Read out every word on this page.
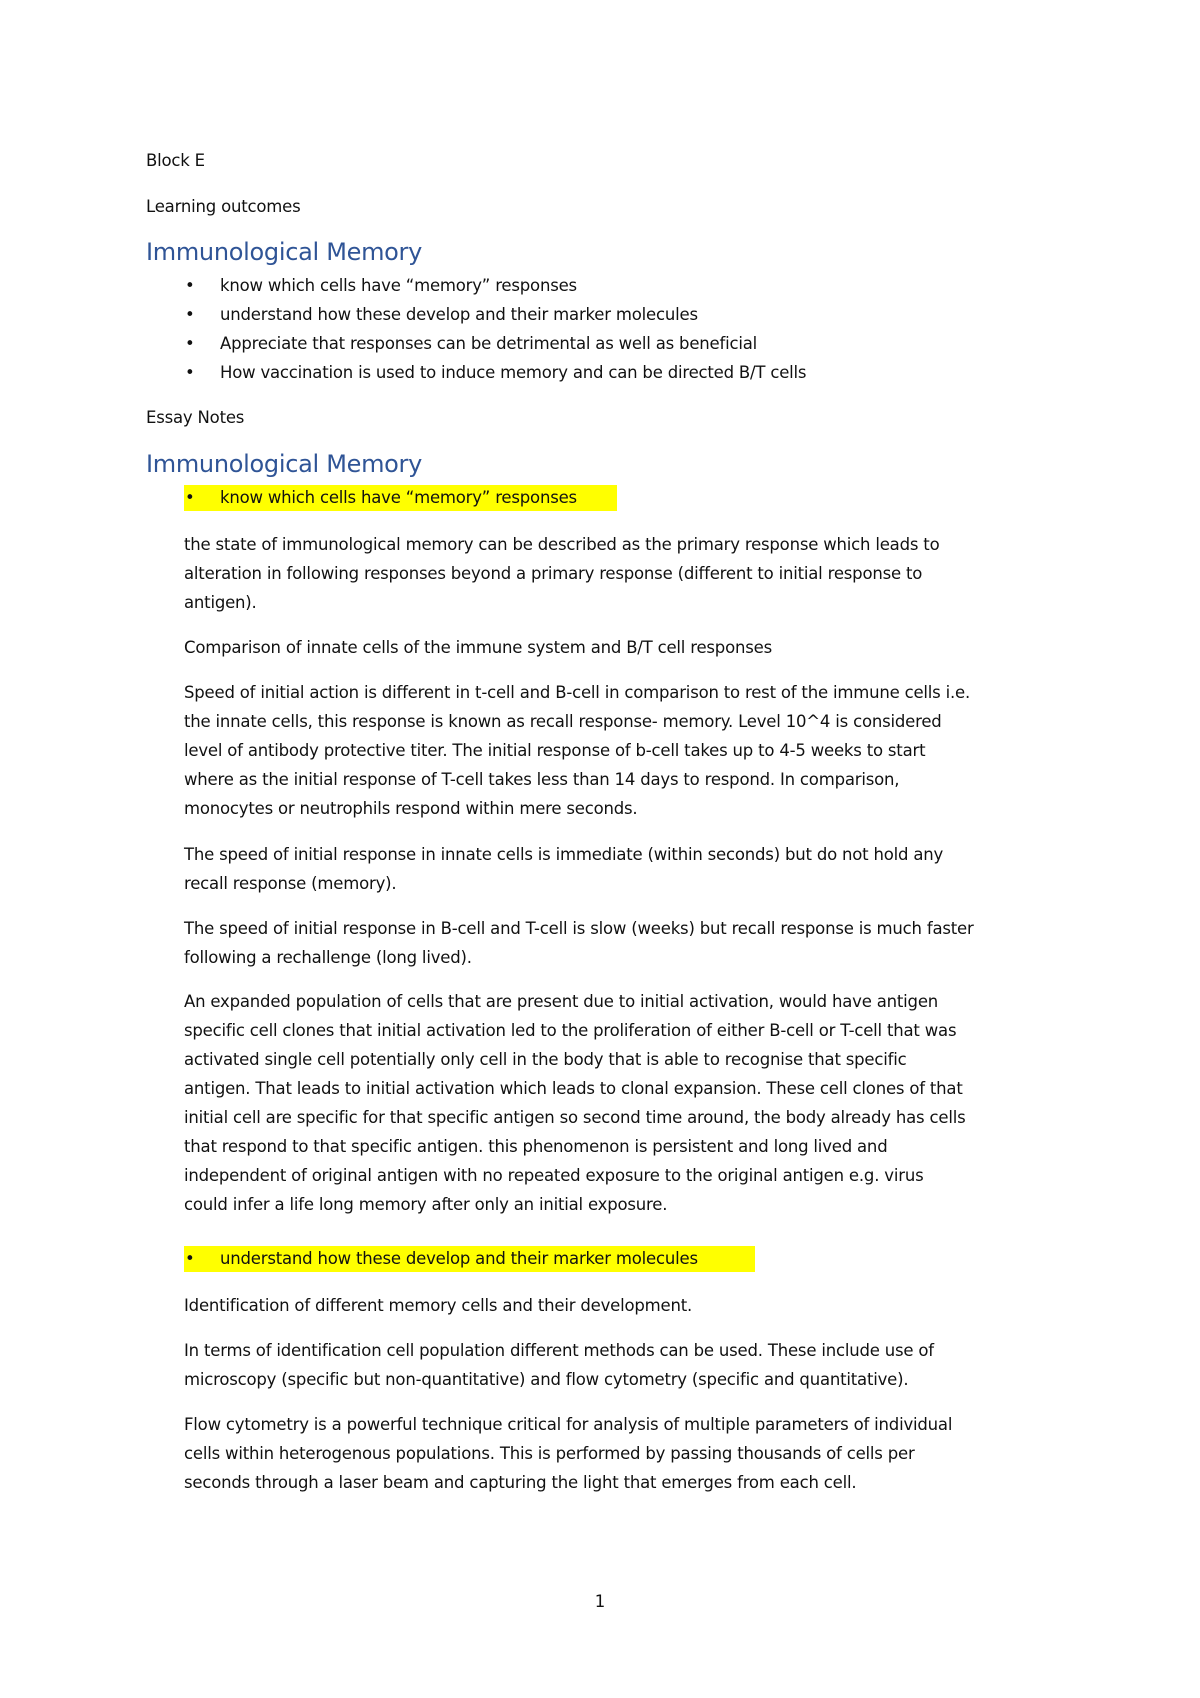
Block E
Learning outcomes
Immunological Memory
• know which cells have “memory” responses
• understand how these develop and their marker molecules
• Appreciate that responses can be detrimental as well as beneficial
• How vaccination is used to induce memory and can be directed B/T cells
Essay Notes
Immunological Memory
• know which cells have “memory” responses
the state of immunological memory can be described as the primary response which leads to
alteration in following responses beyond a primary response (different to initial response to
antigen).
Comparison of innate cells of the immune system and B/T cell responses
Speed of initial action is different in t-cell and B-cell in comparison to rest of the immune cells i.e.
the innate cells, this response is known as recall response- memory. Level 10^4 is considered
level of antibody protective titer. The initial response of b-cell takes up to 4-5 weeks to start
where as the initial response of T-cell takes less than 14 days to respond. In comparison,
monocytes or neutrophils respond within mere seconds.
The speed of initial response in innate cells is immediate (within seconds) but do not hold any
recall response (memory).
The speed of initial response in B-cell and T-cell is slow (weeks) but recall response is much faster
following a rechallenge (long lived).
An expanded population of cells that are present due to initial activation, would have antigen
specific cell clones that initial activation led to the proliferation of either B-cell or T-cell that was
activated single cell potentially only cell in the body that is able to recognise that specific
antigen. That leads to initial activation which leads to clonal expansion. These cell clones of that
initial cell are specific for that specific antigen so second time around, the body already has cells
that respond to that specific antigen. this phenomenon is persistent and long lived and
independent of original antigen with no repeated exposure to the original antigen e.g. virus
could infer a life long memory after only an initial exposure.
• understand how these develop and their marker molecules
Identification of different memory cells and their development.
In terms of identification cell population different methods can be used. These include use of
microscopy (specific but non-quantitative) and flow cytometry (specific and quantitative).
Flow cytometry is a powerful technique critical for analysis of multiple parameters of individual
cells within heterogenous populations. This is performed by passing thousands of cells per
seconds through a laser beam and capturing the light that emerges from each cell.
1
